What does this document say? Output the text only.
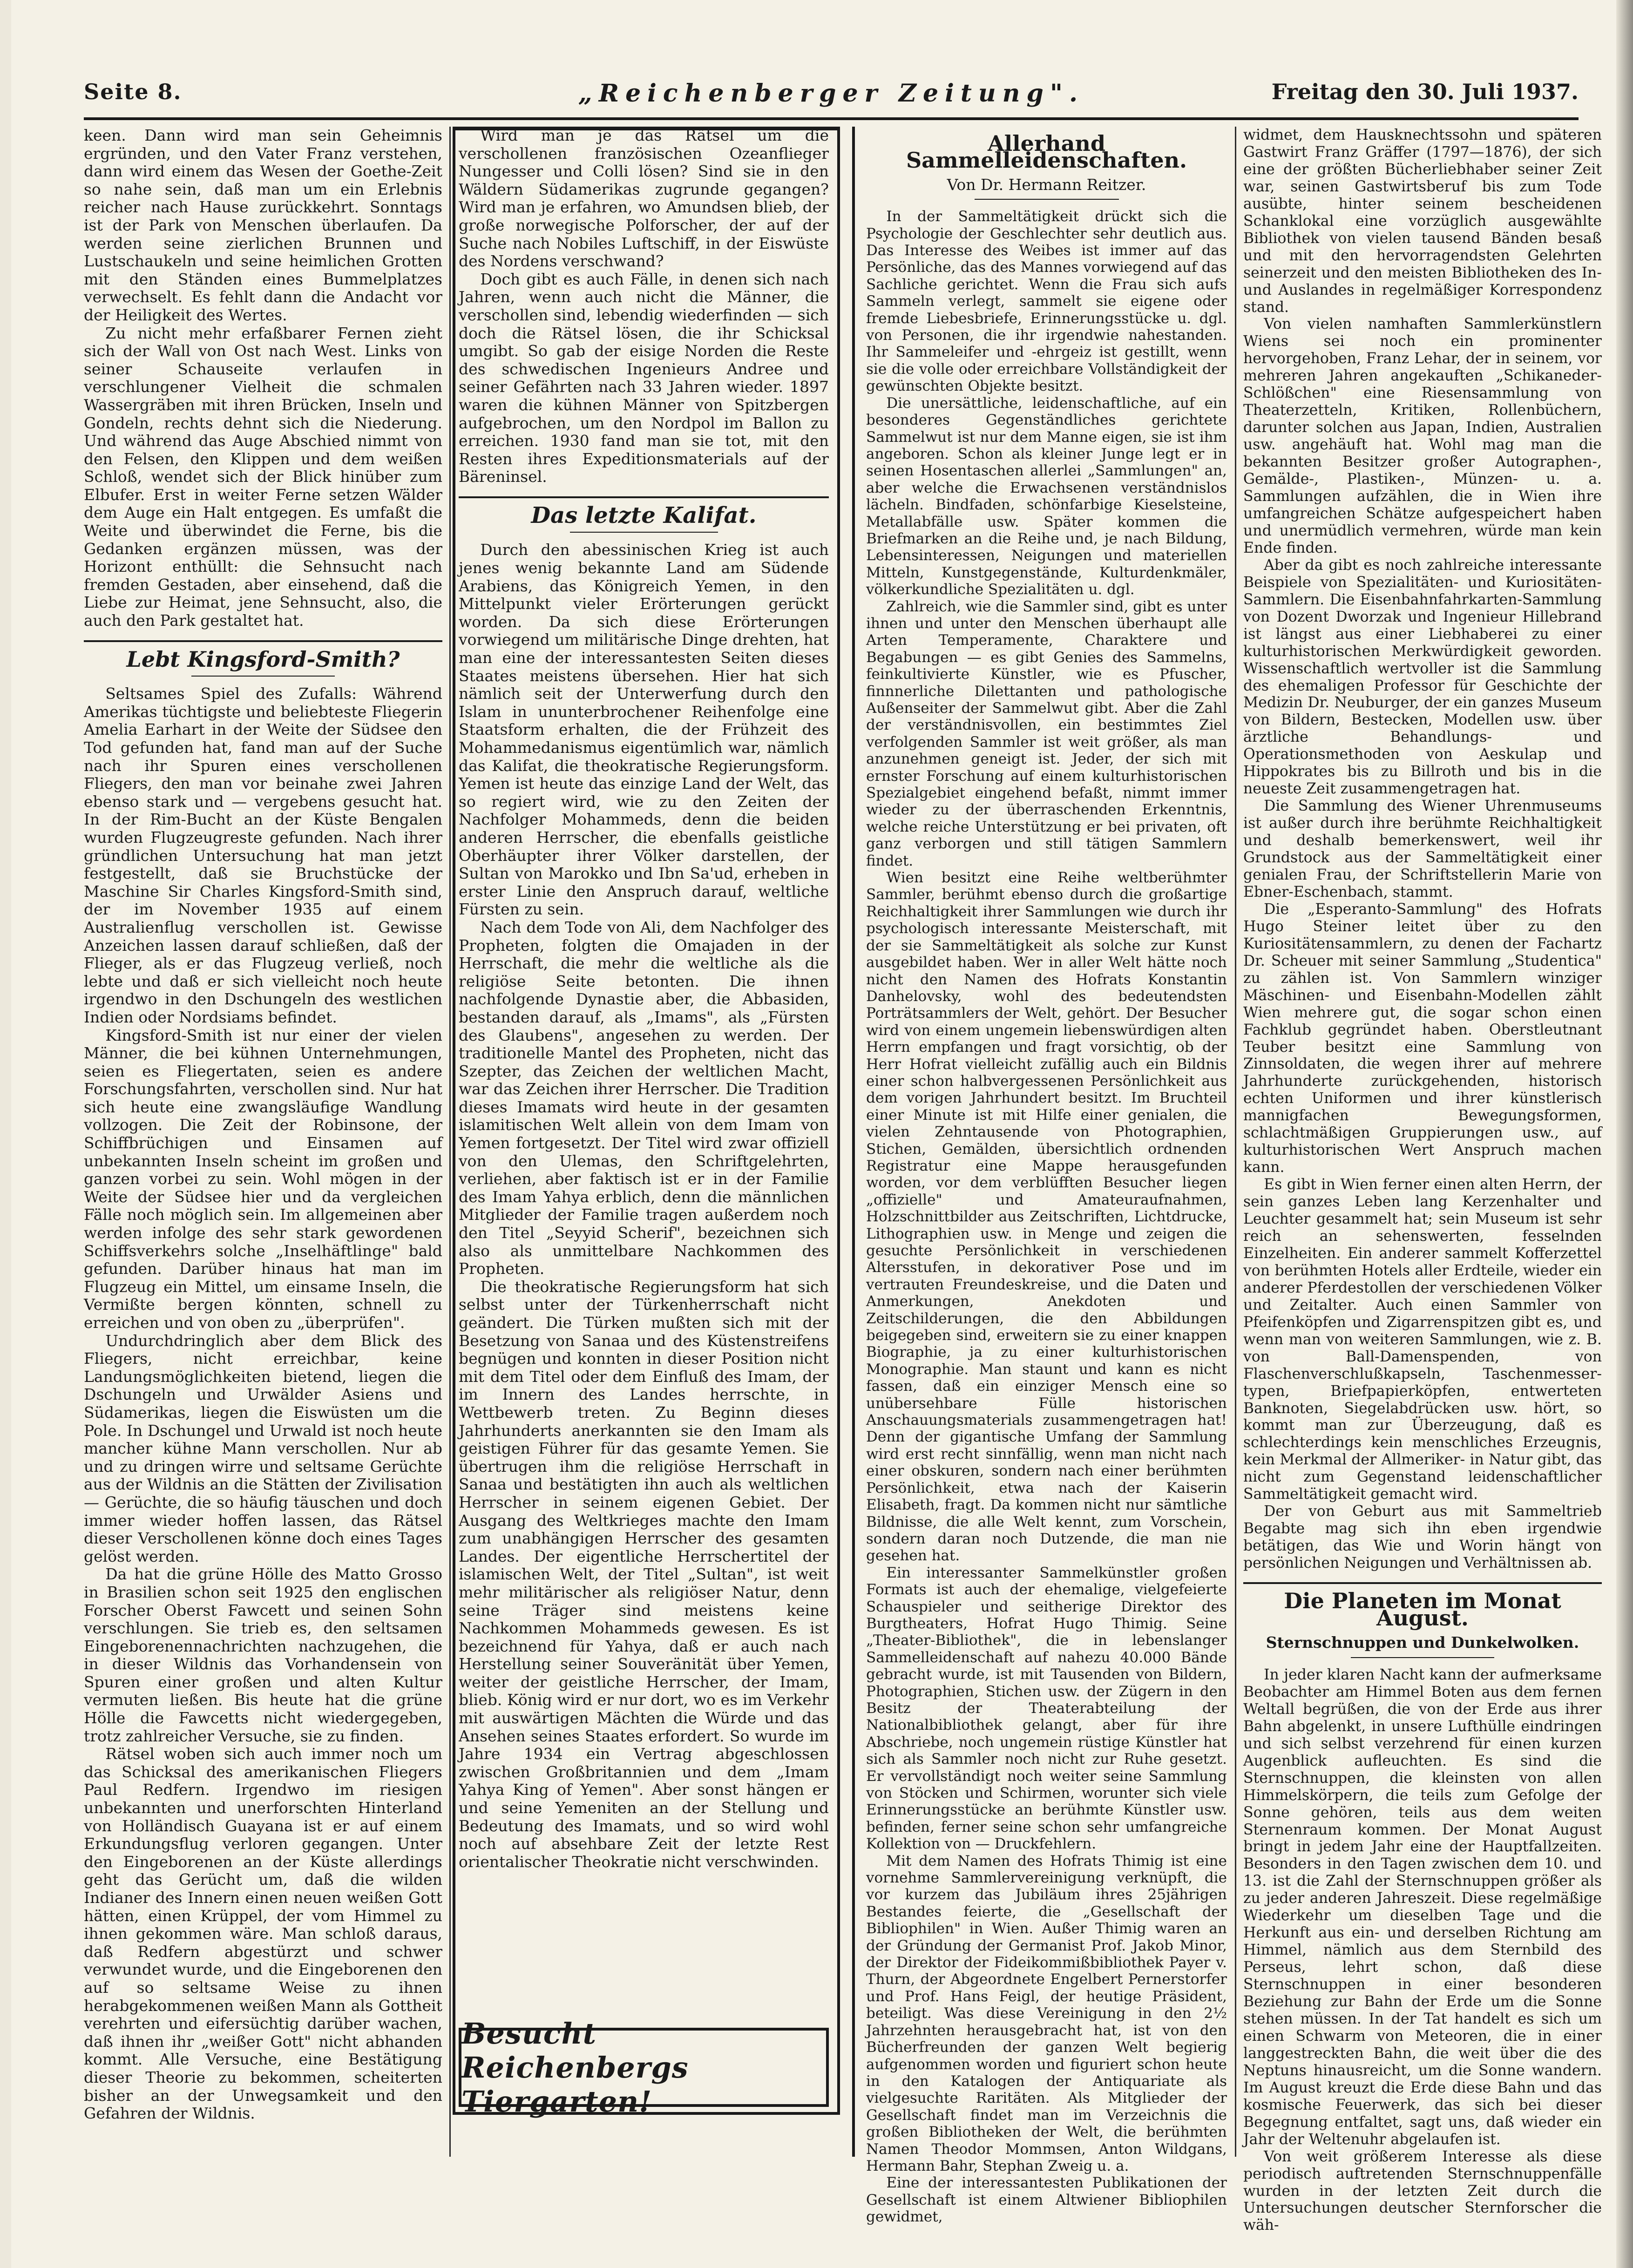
Seite 8.	„Reichenberger Zeitung".	Freitag den 30. Juli 1937.

keen. Dann wird man sein Geheimnis ergründen, und den Vater Franz verstehen, dann wird einem das Wesen der Goethe-Zeit so nahe sein, daß man um ein Erlebnis reicher nach Hause zurückkehrt. Sonntags ist der Park von Menschen überlaufen. Da werden seine zierlichen Brunnen und Lustschaukeln und seine heimlichen Grotten mit den Ständen eines Bummelplatzes verwechselt. Es fehlt dann die Andacht vor der Heiligkeit des Wertes.

Zu nicht mehr erfaßbarer Fernen zieht sich der Wall von Ost nach West. Links von seiner Schauseite verlaufen in verschlungener Vielheit die schmalen Wassergräben mit ihren Brücken, Inseln und Gondeln, rechts dehnt sich die Niederung. Und während das Auge Abschied nimmt von den Felsen, den Klippen und dem weißen Schloß, wendet sich der Blick hinüber zum Elbufer. Erst in weiter Ferne setzen Wälder dem Auge ein Halt entgegen. Es umfaßt die Weite und überwindet die Ferne, bis die Gedanken ergänzen müssen, was der Horizont enthüllt: die Sehnsucht nach fremden Gestaden, aber einsehend, daß die Liebe zur Heimat, jene Sehnsucht, also, die auch den Park gestaltet hat.

Lebt Kingsford-Smith?

Seltsames Spiel des Zufalls: Während Amerikas tüchtigste und beliebteste Fliegerin Amelia Earhart in der Weite der Südsee den Tod gefunden hat, fand man auf der Suche nach ihr Spuren eines verschollenen Fliegers, den man vor beinahe zwei Jahren ebenso stark und — vergebens gesucht hat. In der Rim-Bucht an der Küste Bengalen wurden Flugzeugreste gefunden. Nach ihrer gründlichen Untersuchung hat man jetzt festgestellt, daß sie Bruchstücke der Maschine Sir Charles Kingsford-Smith sind, der im November 1935 auf einem Australienflug verschollen ist. Gewisse Anzeichen lassen darauf schließen, daß der Flieger, als er das Flugzeug verließ, noch lebte und daß er sich vielleicht noch heute irgendwo in den Dschungeln des westlichen Indien oder Nordsiams befindet.

Kingsford-Smith ist nur einer der vielen Männer, die bei kühnen Unternehmungen, seien es Fliegertaten, seien es andere Forschungsfahrten, verschollen sind. Nur hat sich heute eine zwangsläufige Wandlung vollzogen. Die Zeit der Robinsone, der Schiffbrüchigen und Einsamen auf unbekannten Inseln scheint im großen und ganzen vorbei zu sein. Wohl mögen in der Weite der Südsee hier und da vergleichen Fälle noch möglich sein. Im allgemeinen aber werden infolge des sehr stark gewordenen Schiffsverkehrs solche „Inselhäftlinge" bald gefunden. Darüber hinaus hat man im Flugzeug ein Mittel, um einsame Inseln, die Vermißte bergen könnten, schnell zu erreichen und von oben zu „überprüfen".

Undurchdringlich aber dem Blick des Fliegers, nicht erreichbar, keine Landungsmöglichkeiten bietend, liegen die Dschungeln und Urwälder Asiens und Südamerikas, liegen die Eiswüsten um die Pole. In Dschungel und Urwald ist noch heute mancher kühne Mann verschollen. Nur ab und zu dringen wirre und seltsame Gerüchte aus der Wildnis an die Stätten der Zivilisation — Gerüchte, die so häufig täuschen und doch immer wieder hoffen lassen, das Rätsel dieser Verschollenen könne doch eines Tages gelöst werden.

Da hat die grüne Hölle des Matto Grosso in Brasilien schon seit 1925 den englischen Forscher Oberst Fawcett und seinen Sohn verschlungen. Sie trieb es, den seltsamen Eingeborenennachrichten nachzugehen, die in dieser Wildnis das Vorhandensein von Spuren einer großen und alten Kultur vermuten ließen. Bis heute hat die grüne Hölle die Fawcetts nicht wiedergegeben, trotz zahlreicher Versuche, sie zu finden.

Rätsel woben sich auch immer noch um das Schicksal des amerikanischen Fliegers Paul Redfern. Irgendwo im riesigen unbekannten und unerforschten Hinterland von Holländisch Guayana ist er auf einem Erkundungsflug verloren gegangen. Unter den Eingeborenen an der Küste allerdings geht das Gerücht um, daß die wilden Indianer des Innern einen neuen weißen Gott hätten, einen Krüppel, der vom Himmel zu ihnen gekommen wäre. Man schloß daraus, daß Redfern abgestürzt und schwer verwundet wurde, und die Eingeborenen den auf so seltsame Weise zu ihnen herabgekommenen weißen Mann als Gottheit verehrten und eifersüchtig darüber wachen, daß ihnen ihr „weißer Gott" nicht abhanden kommt. Alle Versuche, eine Bestätigung dieser Theorie zu bekommen, scheiterten bisher an der Unwegsamkeit und den Gefahren der Wildnis.

Wird man je das Rätsel um die verschollenen französischen Ozeanflieger Nungesser und Colli lösen? Sind sie in den Wäldern Südamerikas zugrunde gegangen? Wird man je erfahren, wo Amundsen blieb, der große norwegische Polforscher, der auf der Suche nach Nobiles Luftschiff, in der Eiswüste des Nordens verschwand?

Doch gibt es auch Fälle, in denen sich nach Jahren, wenn auch nicht die Männer, die verschollen sind, lebendig wiederfinden — sich doch die Rätsel lösen, die ihr Schicksal umgibt. So gab der eisige Norden die Reste des schwedischen Ingenieurs Andree und seiner Gefährten nach 33 Jahren wieder. 1897 waren die kühnen Männer von Spitzbergen aufgebrochen, um den Nordpol im Ballon zu erreichen. 1930 fand man sie tot, mit den Resten ihres Expeditionsmaterials auf der Bäreninsel.

Das letzte Kalifat.

Durch den abessinischen Krieg ist auch jenes wenig bekannte Land am Südende Arabiens, das Königreich Yemen, in den Mittelpunkt vieler Erörterungen gerückt worden. Da sich diese Erörterungen vorwiegend um militärische Dinge drehten, hat man eine der interessantesten Seiten dieses Staates meistens übersehen. Hier hat sich nämlich seit der Unterwerfung durch den Islam in ununterbrochener Reihenfolge eine Staatsform erhalten, die der Frühzeit des Mohammedanismus eigentümlich war, nämlich das Kalifat, die theokratische Regierungsform. Yemen ist heute das einzige Land der Welt, das so regiert wird, wie zu den Zeiten der Nachfolger Mohammeds, denn die beiden anderen Herrscher, die ebenfalls geistliche Oberhäupter ihrer Völker darstellen, der Sultan von Marokko und Ibn Sa'ud, erheben in erster Linie den Anspruch darauf, weltliche Fürsten zu sein.

Nach dem Tode von Ali, dem Nachfolger des Propheten, folgten die Omajaden in der Herrschaft, die mehr die weltliche als die religiöse Seite betonten. Die ihnen nachfolgende Dynastie aber, die Abbasiden, bestanden darauf, als „Imams", als „Fürsten des Glaubens", angesehen zu werden. Der traditionelle Mantel des Propheten, nicht das Szepter, das Zeichen der weltlichen Macht, war das Zeichen ihrer Herrscher. Die Tradition dieses Imamats wird heute in der gesamten islamitischen Welt allein von dem Imam von Yemen fortgesetzt. Der Titel wird zwar offiziell von den Ulemas, den Schriftgelehrten, verliehen, aber faktisch ist er in der Familie des Imam Yahya erblich, denn die männlichen Mitglieder der Familie tragen außerdem noch den Titel „Seyyid Scherif", bezeichnen sich also als unmittelbare Nachkommen des Propheten.

Die theokratische Regierungsform hat sich selbst unter der Türkenherrschaft nicht geändert. Die Türken mußten sich mit der Besetzung von Sanaa und des Küstenstreifens begnügen und konnten in dieser Position nicht mit dem Titel oder dem Einfluß des Imam, der im Innern des Landes herrschte, in Wettbewerb treten. Zu Beginn dieses Jahrhunderts anerkannten sie den Imam als geistigen Führer für das gesamte Yemen. Sie übertrugen ihm die religiöse Herrschaft in Sanaa und bestätigten ihn auch als weltlichen Herrscher in seinem eigenen Gebiet. Der Ausgang des Weltkrieges machte den Imam zum unabhängigen Herrscher des gesamten Landes. Der eigentliche Herrschertitel der islamischen Welt, der Titel „Sultan", ist weit mehr militärischer als religiöser Natur, denn seine Träger sind meistens keine Nachkommen Mohammeds gewesen. Es ist bezeichnend für Yahya, daß er auch nach Herstellung seiner Souveränität über Yemen, weiter der geistliche Herrscher, der Imam, blieb. König wird er nur dort, wo es im Verkehr mit auswärtigen Mächten die Würde und das Ansehen seines Staates erfordert. So wurde im Jahre 1934 ein Vertrag abgeschlossen zwischen Großbritannien und dem „Imam Yahya King of Yemen". Aber sonst hängen er und seine Yemeniten an der Stellung und Bedeutung des Imamats, und so wird wohl noch auf absehbare Zeit der letzte Rest orientalischer Theokratie nicht verschwinden.

Besucht Reichenbergs Tiergarten!
Allerhand Sammelleidenschaften.
Von Dr. Hermann Reitzer.

In der Sammeltätigkeit drückt sich die Psychologie der Geschlechter sehr deutlich aus. Das Interesse des Weibes ist immer auf das Persönliche, das des Mannes vorwiegend auf das Sachliche gerichtet. Wenn die Frau sich aufs Sammeln verlegt, sammelt sie eigene oder fremde Liebesbriefe, Erinnerungsstücke u. dgl. von Personen, die ihr irgendwie nahestanden. Ihr Sammeleifer und -ehrgeiz ist gestillt, wenn sie die volle oder erreichbare Vollständigkeit der gewünschten Objekte besitzt.

Die unersättliche, leidenschaftliche, auf ein besonderes Gegenständliches gerichtete Sammelwut ist nur dem Manne eigen, sie ist ihm angeboren. Schon als kleiner Junge legt er in seinen Hosentaschen allerlei „Sammlungen" an, aber welche die Erwachsenen verständnislos lächeln. Bindfaden, schönfarbige Kieselsteine, Metallabfälle usw. Später kommen die Briefmarken an die Reihe und, je nach Bildung, Lebensinteressen, Neigungen und materiellen Mitteln, Kunstgegenstände, Kulturdenkmäler, völkerkundliche Spezialitäten u. dgl.

Zahlreich, wie die Sammler sind, gibt es unter ihnen und unter den Menschen überhaupt alle Arten Temperamente, Charaktere und Begabungen — es gibt Genies des Sammelns, feinkultivierte Künstler, wie es Pfuscher, finnnerliche Dilettanten und pathologische Außenseiter der Sammelwut gibt. Aber die Zahl der verständnisvollen, ein bestimmtes Ziel verfolgenden Sammler ist weit größer, als man anzunehmen geneigt ist. Jeder, der sich mit ernster Forschung auf einem kulturhistorischen Spezialgebiet eingehend befaßt, nimmt immer wieder zu der überraschenden Erkenntnis, welche reiche Unterstützung er bei privaten, oft ganz verborgen und still tätigen Sammlern findet.

Wien besitzt eine Reihe weltberühmter Sammler, berühmt ebenso durch die großartige Reichhaltigkeit ihrer Sammlungen wie durch ihr psychologisch interessante Meisterschaft, mit der sie Sammeltätigkeit als solche zur Kunst ausgebildet haben. Wer in aller Welt hätte noch nicht den Namen des Hofrats Konstantin Danhelovsky, wohl des bedeutendsten Porträtsammlers der Welt, gehört. Der Besucher wird von einem ungemein liebenswürdigen alten Herrn empfangen und fragt vorsichtig, ob der Herr Hofrat vielleicht zufällig auch ein Bildnis einer schon halbvergessenen Persönlichkeit aus dem vorigen Jahrhundert besitzt. Im Bruchteil einer Minute ist mit Hilfe einer genialen, die vielen Zehntausende von Photographien, Stichen, Gemälden, übersichtlich ordnenden Registratur eine Mappe herausgefunden worden, vor dem verblüfften Besucher liegen „offizielle" und Amateuraufnahmen, Holzschnittbilder aus Zeitschriften, Lichtdrucke, Lithographien usw. in Menge und zeigen die gesuchte Persönlichkeit in verschiedenen Altersstufen, in dekorativer Pose und im vertrauten Freundeskreise, und die Daten und Anmerkungen, Anekdoten und Zeitschilderungen, die den Abbildungen beigegeben sind, erweitern sie zu einer knappen Biographie, ja zu einer kulturhistorischen Monographie. Man staunt und kann es nicht fassen, daß ein einziger Mensch eine so unübersehbare Fülle historischen Anschauungsmaterials zusammengetragen hat! Denn der gigantische Umfang der Sammlung wird erst recht sinnfällig, wenn man nicht nach einer obskuren, sondern nach einer berühmten Persönlichkeit, etwa nach der Kaiserin Elisabeth, fragt. Da kommen nicht nur sämtliche Bildnisse, die alle Welt kennt, zum Vorschein, sondern daran noch Dutzende, die man nie gesehen hat.

Ein interessanter Sammelkünstler großen Formats ist auch der ehemalige, vielgefeierte Schauspieler und seitherige Direktor des Burgtheaters, Hofrat Hugo Thimig. Seine „Theater-Bibliothek", die in lebenslanger Sammelleidenschaft auf nahezu 40.000 Bände gebracht wurde, ist mit Tausenden von Bildern, Photographien, Stichen usw. der Zügern in den Besitz der Theaterabteilung der Nationalbibliothek gelangt, aber für ihre Abschriebe, noch ungemein rüstige Künstler hat sich als Sammler noch nicht zur Ruhe gesetzt. Er vervollständigt noch weiter seine Sammlung von Stöcken und Schirmen, worunter sich viele Erinnerungsstücke an berühmte Künstler usw. befinden, ferner seine schon sehr umfangreiche Kollektion von — Druckfehlern.

Mit dem Namen des Hofrats Thimig ist eine vornehme Sammlervereinigung verknüpft, die vor kurzem das Jubiläum ihres 25jährigen Bestandes feierte, die „Gesellschaft der Bibliophilen" in Wien. Außer Thimig waren an der Gründung der Germanist Prof. Jakob Minor, der Direktor der Fideikommißbibliothek Payer v. Thurn, der Abgeordnete Engelbert Pernerstorfer und Prof. Hans Feigl, der heutige Präsident, beteiligt. Was diese Vereinigung in den 2½ Jahrzehnten herausgebracht hat, ist von den Bücherfreunden der ganzen Welt begierig aufgenommen worden und figuriert schon heute in den Katalogen der Antiquariate als vielgesuchte Raritäten. Als Mitglieder der Gesellschaft findet man im Verzeichnis die großen Bibliotheken der Welt, die berühmten Namen Theodor Mommsen, Anton Wildgans, Hermann Bahr, Stephan Zweig u. a.

Eine der interessantesten Publikationen der Gesellschaft ist einem Altwiener Bibliophilen gewidmet,

widmet, dem Hausknechtssohn und späteren Gastwirt Franz Gräffer (1797—1876), der sich eine der größten Bücherliebhaber seiner Zeit war, seinen Gastwirtsberuf bis zum Tode ausübte, hinter seinem bescheidenen Schanklokal eine vorzüglich ausgewählte Bibliothek von vielen tausend Bänden besaß und mit den hervorragendsten Gelehrten seinerzeit und den meisten Bibliotheken des In- und Auslandes in regelmäßiger Korrespondenz stand.

Von vielen namhaften Sammlerkünstlern Wiens sei noch ein prominenter hervorgehoben, Franz Lehar, der in seinem, vor mehreren Jahren angekauften „Schikaneder-Schlößchen" eine Riesensammlung von Theaterzetteln, Kritiken, Rollenbüchern, darunter solchen aus Japan, Indien, Australien usw. angehäuft hat. Wohl mag man die bekannten Besitzer großer Autographen-, Gemälde-, Plastiken-, Münzen- u. a. Sammlungen aufzählen, die in Wien ihre umfangreichen Schätze aufgespeichert haben und unermüdlich vermehren, würde man kein Ende finden.

Aber da gibt es noch zahlreiche interessante Beispiele von Spezialitäten- und Kuriositäten-Sammlern. Die Eisenbahnfahrkarten-Sammlung von Dozent Dworzak und Ingenieur Hillebrand ist längst aus einer Liebhaberei zu einer kulturhistorischen Merkwürdigkeit geworden. Wissenschaftlich wertvoller ist die Sammlung des ehemaligen Professor für Geschichte der Medizin Dr. Neuburger, der ein ganzes Museum von Bildern, Bestecken, Modellen usw. über ärztliche Behandlungs- und Operationsmethoden von Aeskulap und Hippokrates bis zu Billroth und bis in die neueste Zeit zusammengetragen hat.

Die Sammlung des Wiener Uhrenmuseums ist außer durch ihre berühmte Reichhaltigkeit und deshalb bemerkenswert, weil ihr Grundstock aus der Sammeltätigkeit einer genialen Frau, der Schriftstellerin Marie von Ebner-Eschenbach, stammt.

Die „Esperanto-Sammlung" des Hofrats Hugo Steiner leitet über zu den Kuriositätensammlern, zu denen der Fachartz Dr. Scheuer mit seiner Sammlung „Studentica" zu zählen ist. Von Sammlern winziger Mäschinen- und Eisenbahn-Modellen zählt Wien mehrere gut, die sogar schon einen Fachklub gegründet haben. Oberstleutnant Teuber besitzt eine Sammlung von Zinnsoldaten, die wegen ihrer auf mehrere Jahrhunderte zurückgehenden, historisch echten Uniformen und ihrer künstlerisch mannigfachen Bewegungsformen, schlachtmäßigen Gruppierungen usw., auf kulturhistorischen Wert Anspruch machen kann.

Es gibt in Wien ferner einen alten Herrn, der sein ganzes Leben lang Kerzenhalter und Leuchter gesammelt hat; sein Museum ist sehr reich an sehenswerten, fesselnden Einzelheiten. Ein anderer sammelt Kofferzettel von berühmten Hotels aller Erdteile, wieder ein anderer Pferdestollen der verschiedenen Völker und Zeitalter. Auch einen Sammler von Pfeifenköpfen und Zigarrenspitzen gibt es, und wenn man von weiteren Sammlungen, wie z. B. von Ball-Damenspenden, von Flaschenverschlußkapseln, Taschenmesser-typen, Briefpapierköpfen, entwerteten Banknoten, Siegelabdrücken usw. hört, so kommt man zur Überzeugung, daß es schlechterdings kein menschliches Erzeugnis, kein Merkmal der Allmeriker- in Natur gibt, das nicht zum Gegenstand leidenschaftlicher Sammeltätigkeit gemacht wird.

Der von Geburt aus mit Sammeltrieb Begabte mag sich ihn eben irgendwie betätigen, das Wie und Worin hängt von persönlichen Neigungen und Verhältnissen ab.

Die Planeten im Monat August.
Sternschnuppen und Dunkelwolken.

In jeder klaren Nacht kann der aufmerksame Beobachter am Himmel Boten aus dem fernen Weltall begrüßen, die von der Erde aus ihrer Bahn abgelenkt, in unsere Lufthülle eindringen und sich selbst verzehrend für einen kurzen Augenblick aufleuchten. Es sind die Sternschnuppen, die kleinsten von allen Himmelskörpern, die teils zum Gefolge der Sonne gehören, teils aus dem weiten Sternenraum kommen. Der Monat August bringt in jedem Jahr eine der Hauptfallzeiten. Besonders in den Tagen zwischen dem 10. und 13. ist die Zahl der Sternschnuppen größer als zu jeder anderen Jahreszeit. Diese regelmäßige Wiederkehr um dieselben Tage und die Herkunft aus ein- und derselben Richtung am Himmel, nämlich aus dem Sternbild des Perseus, lehrt schon, daß diese Sternschnuppen in einer besonderen Beziehung zur Bahn der Erde um die Sonne stehen müssen. In der Tat handelt es sich um einen Schwarm von Meteoren, die in einer langgestreckten Bahn, die weit über die des Neptuns hinausreicht, um die Sonne wandern. Im August kreuzt die Erde diese Bahn und das kosmische Feuerwerk, das sich bei dieser Begegnung entfaltet, sagt uns, daß wieder ein Jahr der Weltenuhr abgelaufen ist.

Von weit größerem Interesse als diese periodisch auftretenden Sternschnuppenfälle wurden in der letzten Zeit durch die Untersuchungen deutscher Sternforscher die wäh-
